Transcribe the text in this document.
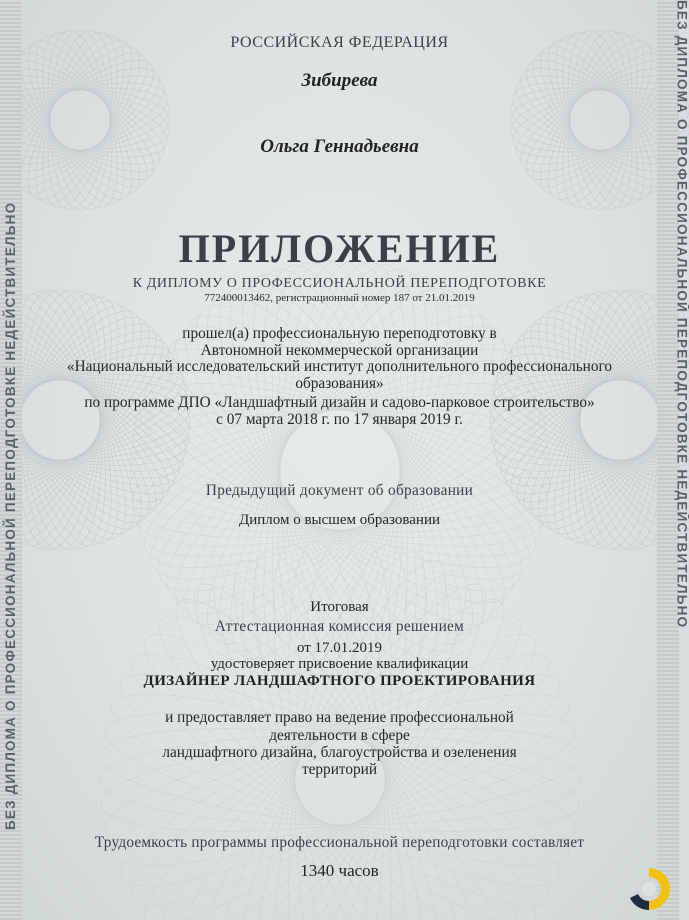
БЕЗ ДИПЛОМА О ПРОФЕССИОНАЛЬНОЙ ПЕРЕПОДГОТОВКЕ НЕДЕЙСТВИТЕЛЬНО	БЕЗ ДИПЛОМА О ПРОФЕССИОНАЛЬНОЙ ПЕРЕПОДГОТОВКЕ НЕДЕЙСТВИТЕЛЬНО
РОССИЙСКАЯ ФЕДЕРАЦИЯ
Зибирева
Ольга Геннадьевна
ПРИЛОЖЕНИЕ
К ДИПЛОМУ О ПРОФЕССИОНАЛЬНОЙ ПЕРЕПОДГОТОВКЕ
772400013462, регистрационный номер 187 от 21.01.2019
прошел(а) профессиональную переподготовку в
Автономной некоммерческой организации
«Национальный исследовательский институт дополнительного профессионального
образования»
по программе ДПО «Ландшафтный дизайн и садово-парковое строительство»
с 07 марта 2018 г. по 17 января 2019 г.
Предыдущий документ об образовании
Диплом о высшем образовании
Итоговая
Аттестационная комиссия решением
от 17.01.2019
удостоверяет присвоение квалификации
ДИЗАЙНЕР ЛАНДШАФТНОГО ПРОЕКТИРОВАНИЯ
и предоставляет право на ведение профессиональной
деятельности в сфере
ландшафтного дизайна, благоустройства и озеленения
территорий
Трудоемкость программы профессиональной переподготовки составляет
1340 часов
